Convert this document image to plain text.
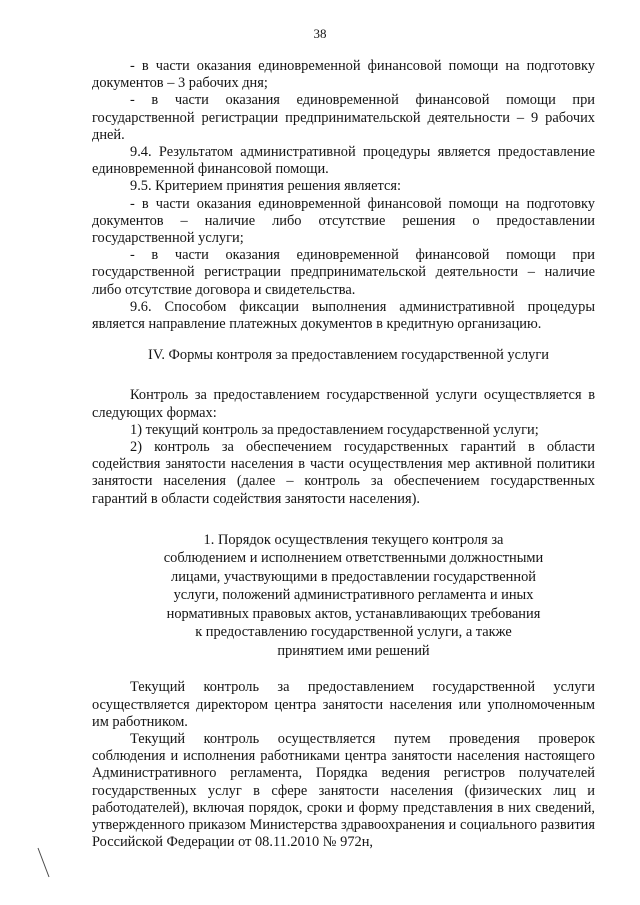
38

- в части оказания единовременной финансовой помощи на подготовку документов – 3 рабочих дня;

- в части оказания единовременной финансовой помощи при государственной регистрации предпринимательской деятельности – 9 рабочих дней.

9.4. Результатом административной процедуры является предоставление единовременной финансовой помощи.

9.5. Критерием принятия решения является:

- в части оказания единовременной финансовой помощи на подготовку документов – наличие либо отсутствие решения о предоставлении государственной услуги;

- в части оказания единовременной финансовой помощи при государственной регистрации предпринимательской деятельности – наличие либо отсутствие договора и свидетельства.

9.6. Способом фиксации выполнения административной процедуры является направление платежных документов в кредитную организацию.

IV. Формы контроля за предоставлением государственной услуги

Контроль за предоставлением государственной услуги осуществляется в следующих формах:

1) текущий контроль за предоставлением государственной услуги;

2) контроль за обеспечением государственных гарантий в области содействия занятости населения в части осуществления мер активной политики занятости населения (далее – контроль за обеспечением государственных гарантий в области содействия занятости населения).

1. Порядок осуществления текущего контроля за соблюдением и исполнением ответственными должностными лицами, участвующими в предоставлении государственной услуги, положений административного регламента и иных нормативных правовых актов, устанавливающих требования к предоставлению государственной услуги, а также принятием ими решений

Текущий контроль за предоставлением государственной услуги осуществляется директором центра занятости населения или уполномоченным им работником.

Текущий контроль осуществляется путем проведения проверок соблюдения и исполнения работниками центра занятости населения настоящего Административного регламента, Порядка ведения регистров получателей государственных услуг в сфере занятости населения (физических лиц и работодателей), включая порядок, сроки и форму представления в них сведений, утвержденного приказом Министерства здравоохранения и социального развития Российской Федерации от 08.11.2010 № 972н,
